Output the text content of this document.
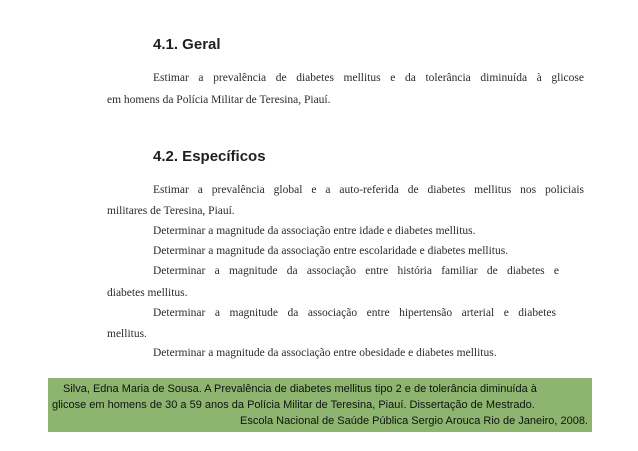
4.1. Geral
Estimar a prevalência de diabetes mellitus e da tolerância diminuída à glicose
em homens da Polícia Militar de Teresina, Piauí.
4.2. Específicos
Estimar a prevalência global e a auto-referida de diabetes mellitus nos policiais
militares de Teresina, Piauí.
Determinar a magnitude da associação entre idade e diabetes mellitus.
Determinar a magnitude da associação entre escolaridade e diabetes mellitus.
Determinar a magnitude da associação entre história familiar de diabetes e
diabetes mellitus.
Determinar a magnitude da associação entre hipertensão arterial e diabetes
mellitus.
Determinar a magnitude da associação entre obesidade e diabetes mellitus.
Silva, Edna Maria de Sousa. A Prevalência de diabetes mellitus tipo 2 e de tolerância diminuída à
glicose em homens de 30 a 59 anos da Polícia Militar de Teresina, Piauí. Dissertação de Mestrado.
Escola Nacional de Saúde Pública Sergio Arouca Rio de Janeiro, 2008.
